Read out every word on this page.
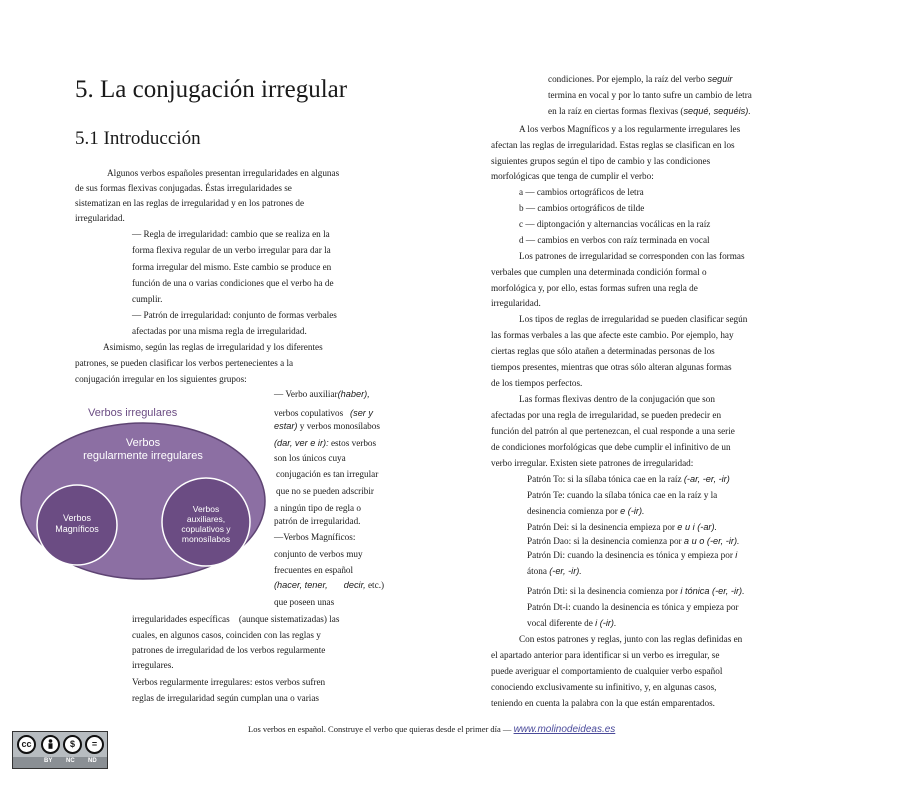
5. La conjugación irregular
5.1 Introducción
Algunos verbos españoles presentan irregularidades en algunas
de sus formas flexivas conjugadas. Éstas irregularidades se
sistematizan en las reglas de irregularidad y en los patrones de
irregularidad.
— Regla de irregularidad: cambio que se realiza en la
forma flexiva regular de un verbo irregular para dar la
forma irregular del mismo. Este cambio se produce en
función de una o varias condiciones que el verbo ha de
cumplir.
— Patrón de irregularidad: conjunto de formas verbales
afectadas por una misma regla de irregularidad.
Asimismo, según las reglas de irregularidad y los diferentes
patrones, se pueden clasificar los verbos pertenecientes a la
conjugación irregular en los siguientes grupos:
Verbos irregulares
Verbos
regularmente irregulares
Verbos
Magníficos
Verbos
auxiliares,
copulativos y
monosílabos
— Verbo auxiliar(haber),
verbos copulativos (ser y
estar) y verbos monosílabos
(dar, ver e ir): estos verbos
son los únicos cuya
conjugación es tan irregular
que no se pueden adscribir
a ningún tipo de regla o
patrón de irregularidad.
—Verbos Magníficos:
conjunto de verbos muy
frecuentes en español
(hacer, tener, decir, etc.)
que poseen unas
irregularidades específicas (aunque sistematizadas) las
cuales, en algunos casos, coinciden con las reglas y
patrones de irregularidad de los verbos regularmente
irregulares.
Verbos regularmente irregulares: estos verbos sufren
reglas de irregularidad según cumplan una o varias
condiciones. Por ejemplo, la raíz del verbo seguir
termina en vocal y por lo tanto sufre un cambio de letra
en la raíz en ciertas formas flexivas (sequé, sequéis).
A los verbos Magníficos y a los regularmente irregulares les
afectan las reglas de irregularidad. Estas reglas se clasifican en los
siguientes grupos según el tipo de cambio y las condiciones
morfológicas que tenga de cumplir el verbo:
a — cambios ortográficos de letra
b — cambios ortográficos de tilde
c — diptongación y alternancias vocálicas en la raíz
d — cambios en verbos con raíz terminada en vocal
Los patrones de irregularidad se corresponden con las formas
verbales que cumplen una determinada condición formal o
morfológica y, por ello, estas formas sufren una regla de
irregularidad.
Los tipos de reglas de irregularidad se pueden clasificar según
las formas verbales a las que afecte este cambio. Por ejemplo, hay
ciertas reglas que sólo atañen a determinadas personas de los
tiempos presentes, mientras que otras sólo alteran algunas formas
de los tiempos perfectos.
Las formas flexivas dentro de la conjugación que son
afectadas por una regla de irregularidad, se pueden predecir en
función del patrón al que pertenezcan, el cual responde a una serie
de condiciones morfológicas que debe cumplir el infinitivo de un
verbo irregular. Existen siete patrones de irregularidad:
Patrón To: si la sílaba tónica cae en la raíz (-ar, -er, -ir)
Patrón Te: cuando la sílaba tónica cae en la raíz y la
desinencia comienza por e (-ir).
Patrón Dei: si la desinencia empieza por e u i (-ar).
Patrón Dao: si la desinencia comienza por a u o (-er, -ir).
Patrón Di: cuando la desinencia es tónica y empieza por i
átona (-er, -ir).
Patrón Dti: si la desinencia comienza por i tónica (-er, -ir).
Patrón Dt-i: cuando la desinencia es tónica y empieza por
vocal diferente de i (-ir).
Con estos patrones y reglas, junto con las reglas definidas en
el apartado anterior para identificar si un verbo es irregular, se
puede averiguar el comportamiento de cualquier verbo español
conociendo exclusivamente su infinitivo, y, en algunas casos,
teniendo en cuenta la palabra con la que están emparentados.
Los verbos en español. Construye el verbo que quieras desde el primer día — www.molinodeideas.es
cc	$	=
BY NC ND
